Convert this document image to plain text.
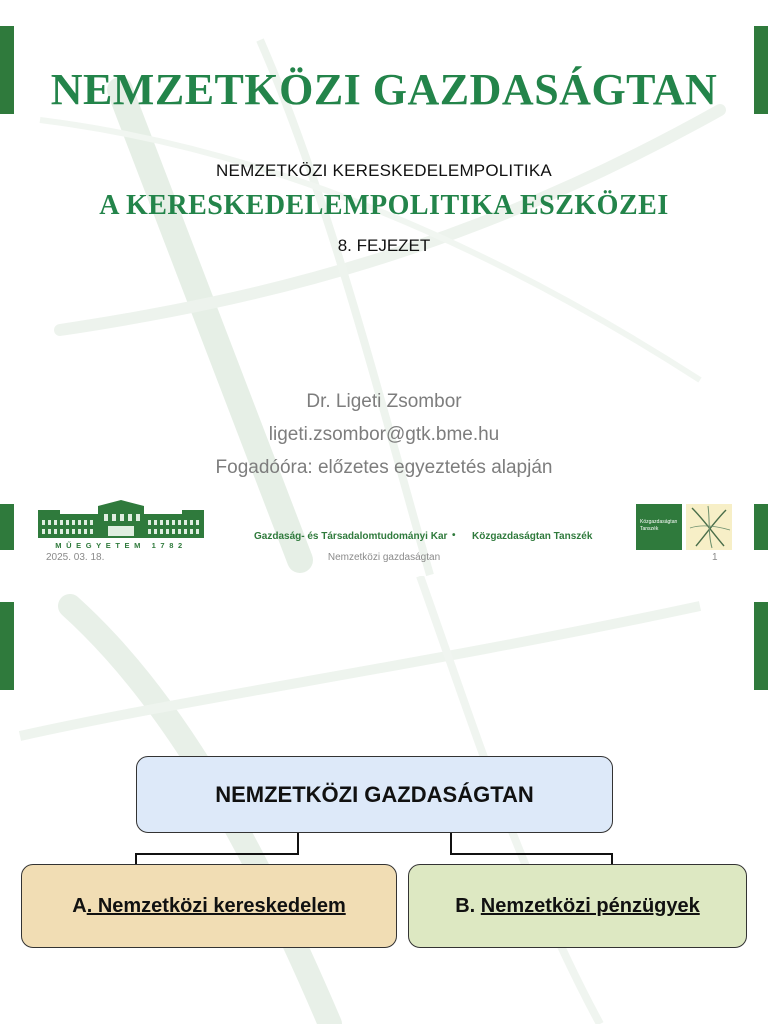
NEMZETKÖZI GAZDASÁGTAN
NEMZETKÖZI KERESKEDELEMPOLITIKA
A KERESKEDELEMPOLITIKA ESZKÖZEI
8. FEJEZET
Dr. Ligeti Zsombor
ligeti.zsombor@gtk.bme.hu
Fogadóóra: előzetes egyeztetés alapján
MŰEGYETEM 1782
Gazdaság- és Társadalomtudományi Kar • Közgazdaságtan Tanszék
Közgazdaságtan Tanszék
2025. 03. 18.	Nemzetközi gazdaságtan	1
NEMZETKÖZI GAZDASÁGTAN
A . Nemzetközi kereskedelem	B.
Nemzetközi pénzügyek
